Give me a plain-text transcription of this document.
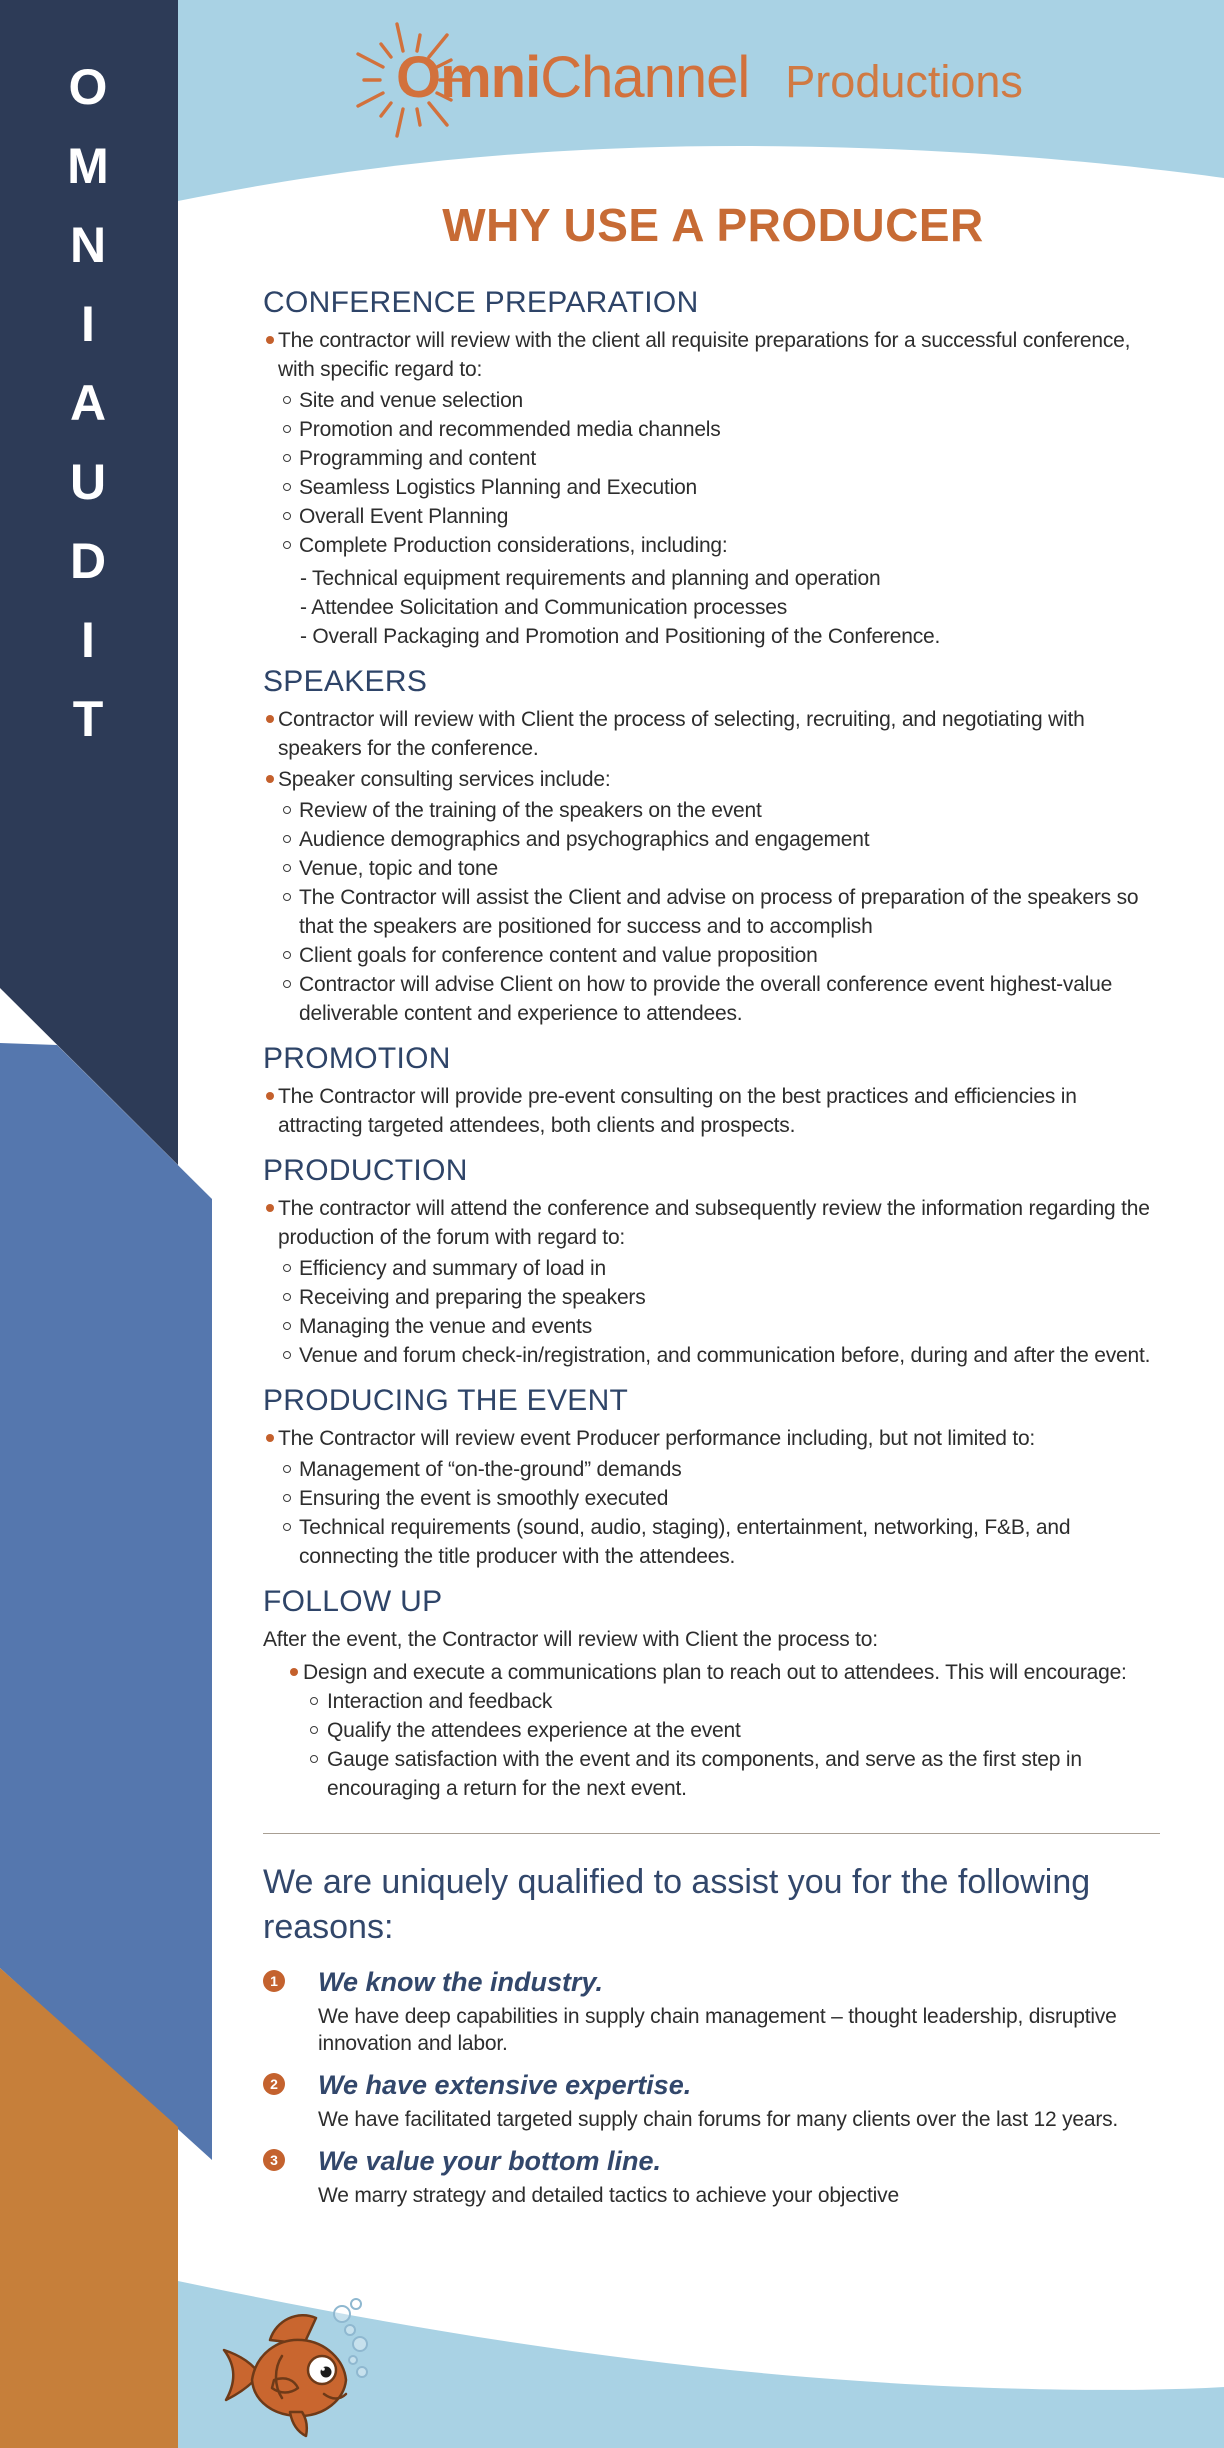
O
M
N
I
A
U
D
I
T
Omni Channel Productions
WHY USE A PRODUCER
CONFERENCE PREPARATION
The contractor will review with the client all requisite preparations for a successful conference, with specific regard to:
Site and venue selection
Promotion and recommended media channels
Programming and content
Seamless Logistics Planning and Execution
Overall Event Planning
Complete Production considerations, including:
- Technical equipment requirements and planning and operation
- Attendee Solicitation and Communication processes
- Overall Packaging and Promotion and Positioning of the Conference.
SPEAKERS
Contractor will review with Client the process of selecting, recruiting, and negotiating with speakers for the conference.
Speaker consulting services include:
Review of the training of the speakers on the event
Audience demographics and psychographics and engagement
Venue, topic and tone
The Contractor will assist the Client and advise on process of preparation of the speakers so that the speakers are positioned for success and to accomplish
Client goals for conference content and value proposition
Contractor will advise Client on how to provide the overall conference event highest-value deliverable content and experience to attendees.
PROMOTION
The Contractor will provide pre-event consulting on the best practices and efficiencies in attracting targeted attendees, both clients and prospects.
PRODUCTION
The contractor will attend the conference and subsequently review the information regarding the production of the forum with regard to:
Efficiency and summary of load in
Receiving and preparing the speakers
Managing the venue and events
Venue and forum check-in/registration, and communication before, during and after the event.
PRODUCING THE EVENT
The Contractor will review event Producer performance including, but not limited to:
Management of “on-the-ground” demands
Ensuring the event is smoothly executed
Technical requirements (sound, audio, staging), entertainment, networking, F&B, and connecting the title producer with the attendees.
FOLLOW UP
After the event, the Contractor will review with Client the process to:
Design and execute a communications plan to reach out to attendees. This will encourage:
Interaction and feedback
Qualify the attendees experience at the event
Gauge satisfaction with the event and its components, and serve as the first step in encouraging a return for the next event.
We are uniquely qualified to assist you for the following reasons:
1 We know the industry.
We have deep capabilities in supply chain management – thought leadership, disruptive innovation and labor.
2 We have extensive expertise.
We have facilitated targeted supply chain forums for many clients over the last 12 years.
3 We value your bottom line.
We marry strategy and detailed tactics to achieve your objective
